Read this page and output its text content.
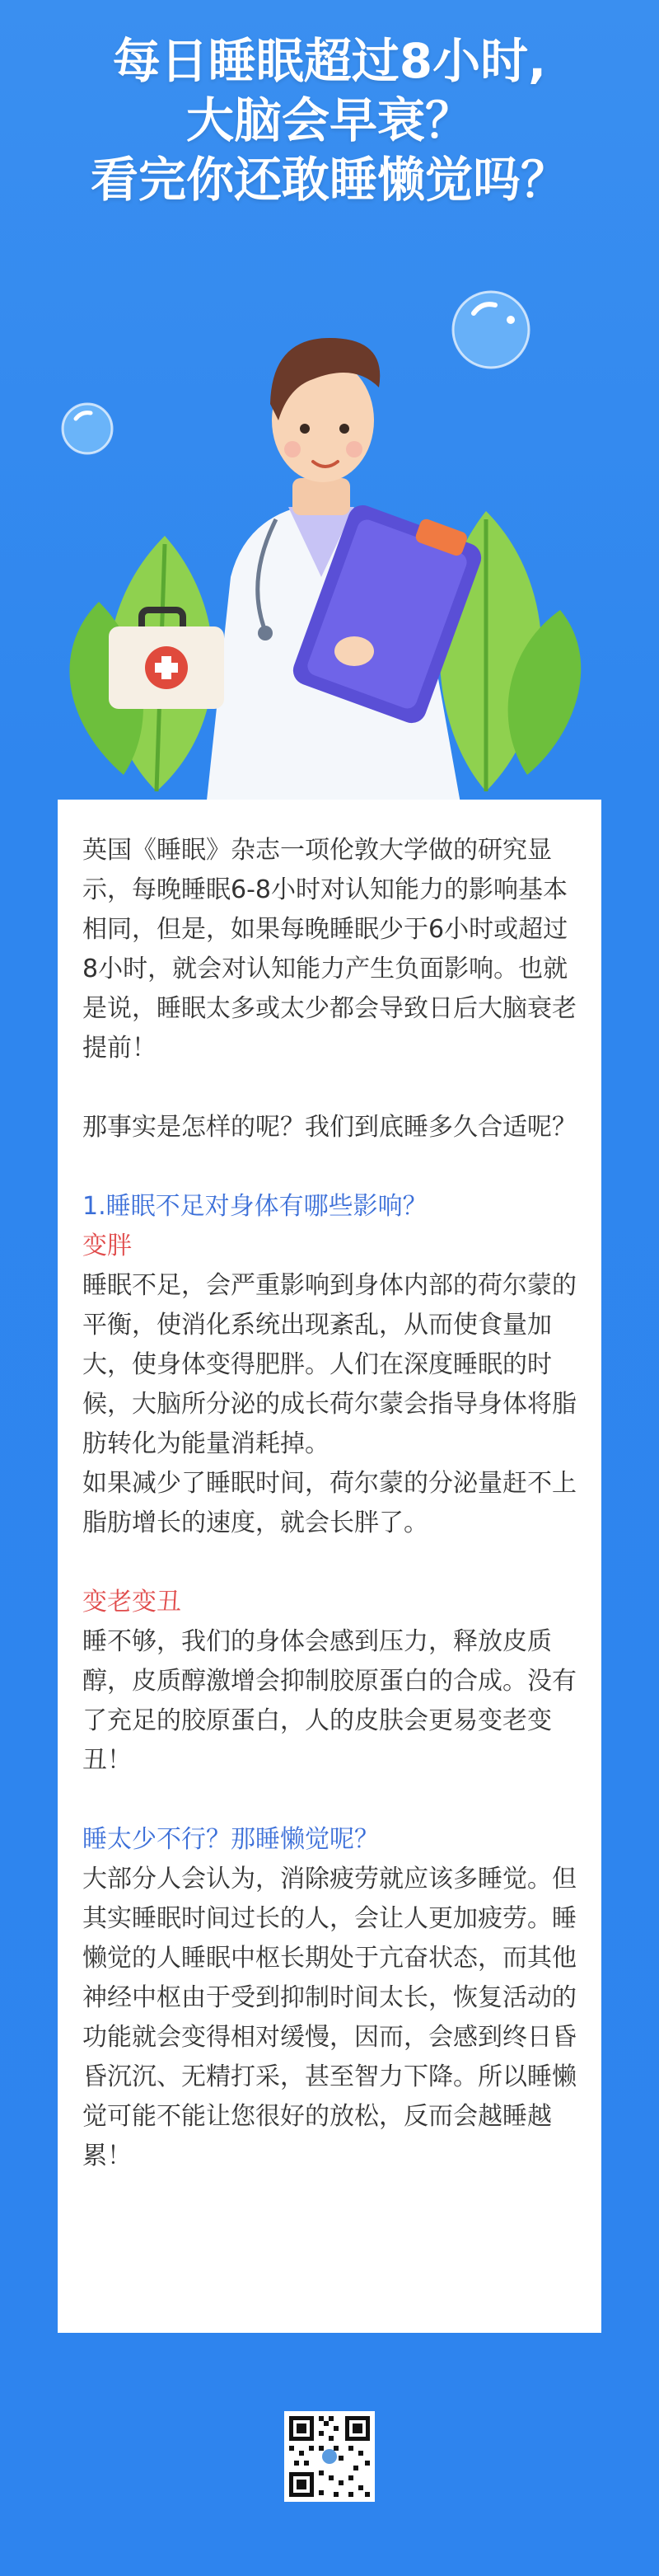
每日睡眠超过8小时,
大脑会早衰？
看完你还敢睡懒觉吗？

英国《睡眠》杂志一项伦敦大学做的研究显示，每晚睡眠6-8小时对认知能力的影响基本相同，但是，如果每晚睡眠少于6小时或超过8小时，就会对认知能力产生负面影响。也就是说，睡眠太多或太少都会导致日后大脑衰老提前！

那事实是怎样的呢？我们到底睡多久合适呢？

1.睡眠不足对身体有哪些影响？

变胖

睡眠不足，会严重影响到身体内部的荷尔蒙的平衡，使消化系统出现紊乱，从而使食量加大，使身体变得肥胖。人们在深度睡眠的时候，大脑所分泌的成长荷尔蒙会指导身体将脂肪转化为能量消耗掉。

如果减少了睡眠时间，荷尔蒙的分泌量赶不上脂肪增长的速度，就会长胖了。

变老变丑

睡不够，我们的身体会感到压力，释放皮质醇，皮质醇激增会抑制胶原蛋白的合成。没有了充足的胶原蛋白，人的皮肤会更易变老变丑！

睡太少不行？那睡懒觉呢？

大部分人会认为，消除疲劳就应该多睡觉。但其实睡眠时间过长的人，会让人更加疲劳。睡懒觉的人睡眠中枢长期处于亢奋状态，而其他神经中枢由于受到抑制时间太长，恢复活动的功能就会变得相对缓慢，因而，会感到终日昏昏沉沉、无精打采，甚至智力下降。所以睡懒觉可能不能让您很好的放松，反而会越睡越累！
